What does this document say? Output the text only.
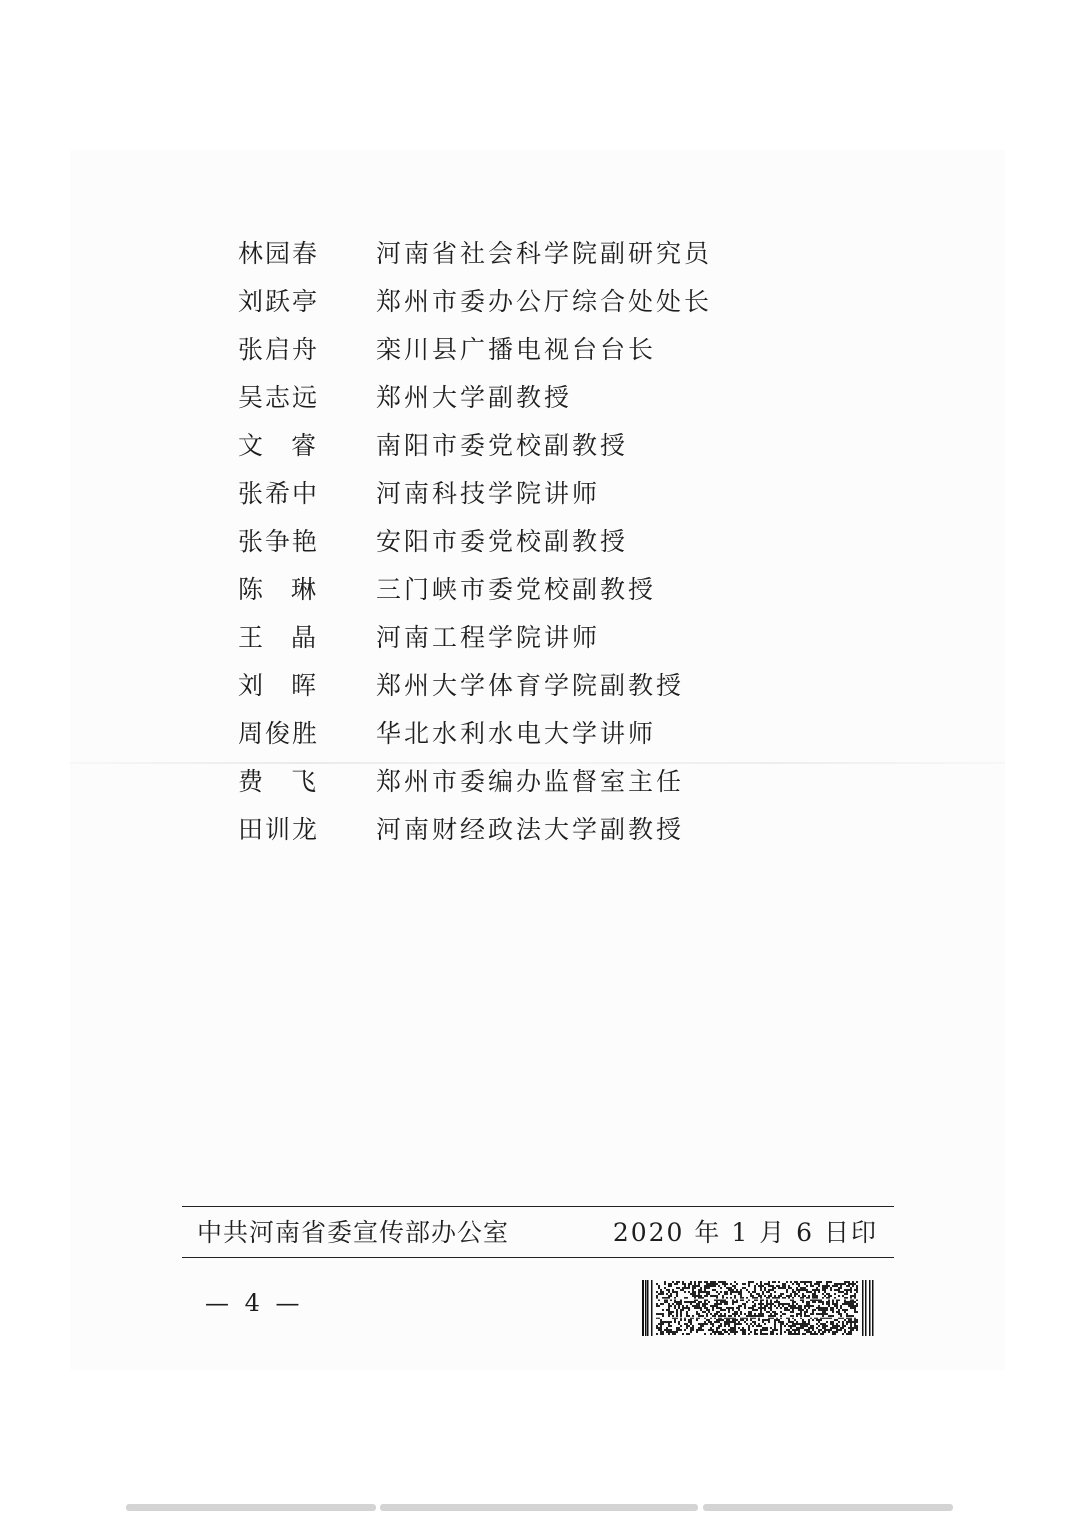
林 园 春 河南省社会科学院副研究员
刘 跃 亭 郑州市委办公厅综合处处长
张 启 舟 栾川县广播电视台台长
吴 志 远 郑州大学副教授
文 睿 南阳市委党校副教授
张 希 中 河南科技学院讲师
张 争 艳 安阳市委党校副教授
陈 琳 三门峡市委党校副教授
王 晶 河南工程学院讲师
刘 晖 郑州大学体育学院副教授
周 俊 胜 华北水利水电大学讲师
费 飞 郑州市委编办监督室主任
田 训 龙 河南财经政法大学副教授
中共河南省委宣传部办公室	2020 年 1 月 6 日印
— 4 —
